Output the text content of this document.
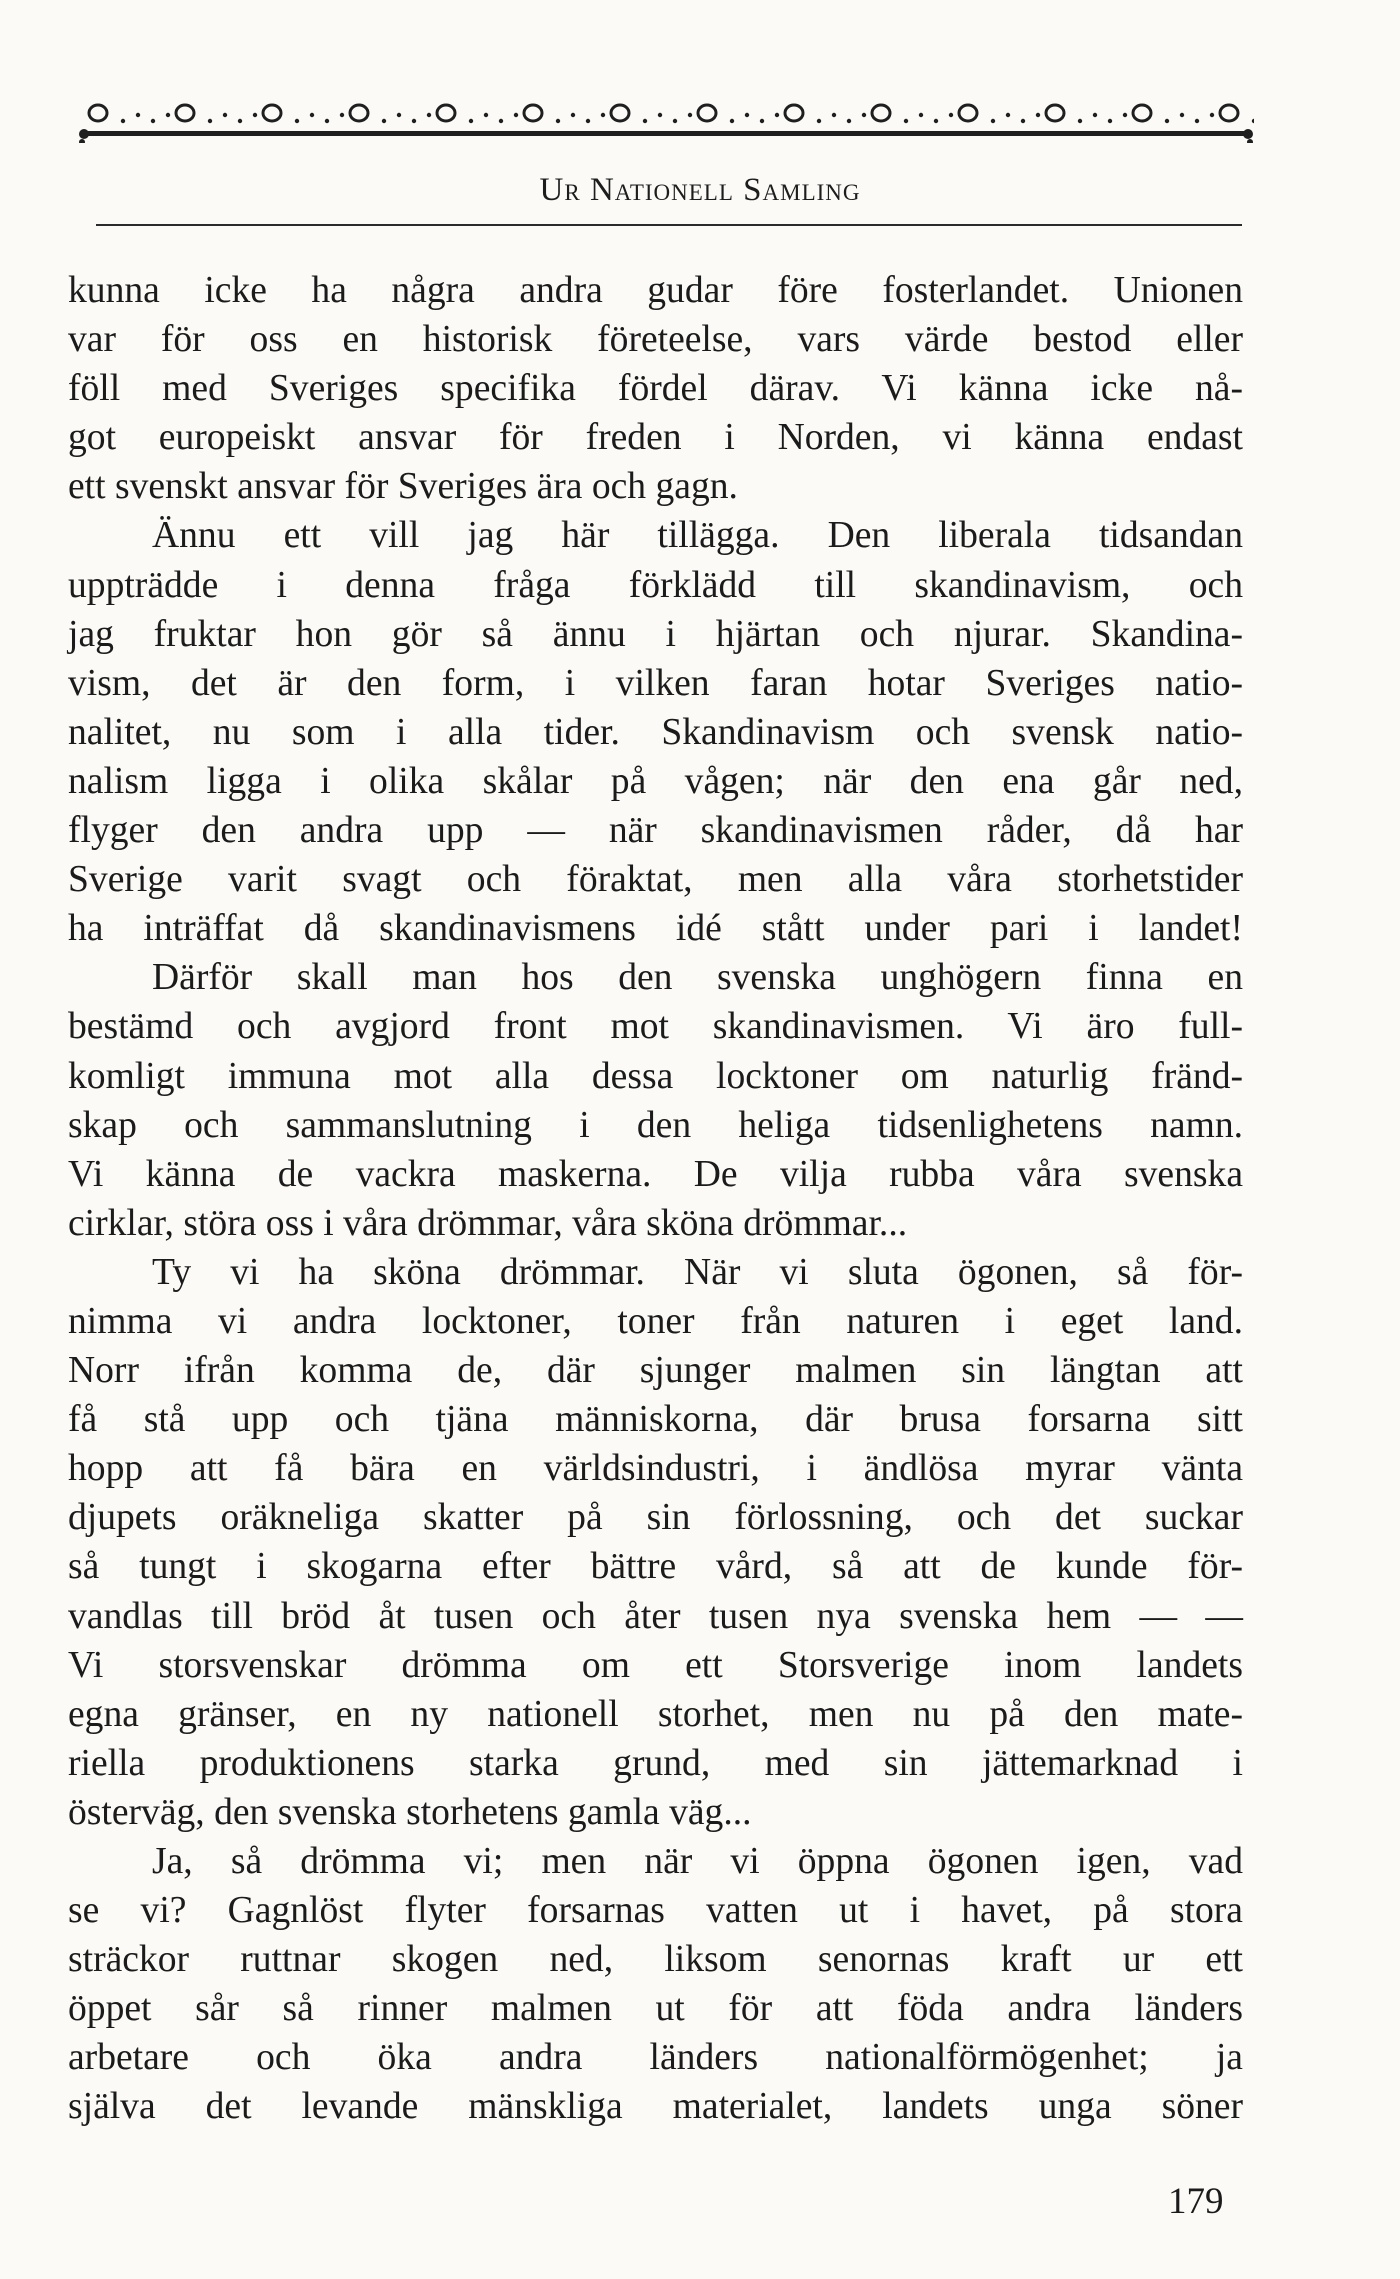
Ur Nationell Samling
kunna icke ha några andra gudar före fosterlandet. Unionen
var för oss en historisk företeelse, vars värde bestod eller
föll med Sveriges specifika fördel därav. Vi känna icke nå-
got europeiskt ansvar för freden i Norden, vi känna endast
ett svenskt ansvar för Sveriges ära och gagn.
Ännu ett vill jag här tillägga. Den liberala tidsandan
uppträdde i denna fråga förklädd till skandinavism, och
jag fruktar hon gör så ännu i hjärtan och njurar. Skandina-
vism, det är den form, i vilken faran hotar Sveriges natio-
nalitet, nu som i alla tider. Skandinavism och svensk natio-
nalism ligga i olika skålar på vågen; när den ena går ned,
flyger den andra upp — när skandinavismen råder, då har
Sverige varit svagt och föraktat, men alla våra storhetstider
ha inträffat då skandinavismens idé stått under pari i landet!
Därför skall man hos den svenska unghögern finna en
bestämd och avgjord front mot skandinavismen. Vi äro full-
komligt immuna mot alla dessa locktoner om naturlig fränd-
skap och sammanslutning i den heliga tidsenlighetens namn.
Vi känna de vackra maskerna. De vilja rubba våra svenska
cirklar, störa oss i våra drömmar, våra sköna drömmar...
Ty vi ha sköna drömmar. När vi sluta ögonen, så för-
nimma vi andra locktoner, toner från naturen i eget land.
Norr ifrån komma de, där sjunger malmen sin längtan att
få stå upp och tjäna människorna, där brusa forsarna sitt
hopp att få bära en världsindustri, i ändlösa myrar vänta
djupets oräkneliga skatter på sin förlossning, och det suckar
så tungt i skogarna efter bättre vård, så att de kunde för-
vandlas till bröd åt tusen och åter tusen nya svenska hem — —
Vi storsvenskar drömma om ett Storsverige inom landets
egna gränser, en ny nationell storhet, men nu på den mate-
riella produktionens starka grund, med sin jättemarknad i
österväg, den svenska storhetens gamla väg...
Ja, så drömma vi; men när vi öppna ögonen igen, vad
se vi? Gagnlöst flyter forsarnas vatten ut i havet, på stora
sträckor ruttnar skogen ned, liksom senornas kraft ur ett
öppet sår så rinner malmen ut för att föda andra länders
arbetare och öka andra länders nationalförmögenhet; ja
själva det levande mänskliga materialet, landets unga söner
179
